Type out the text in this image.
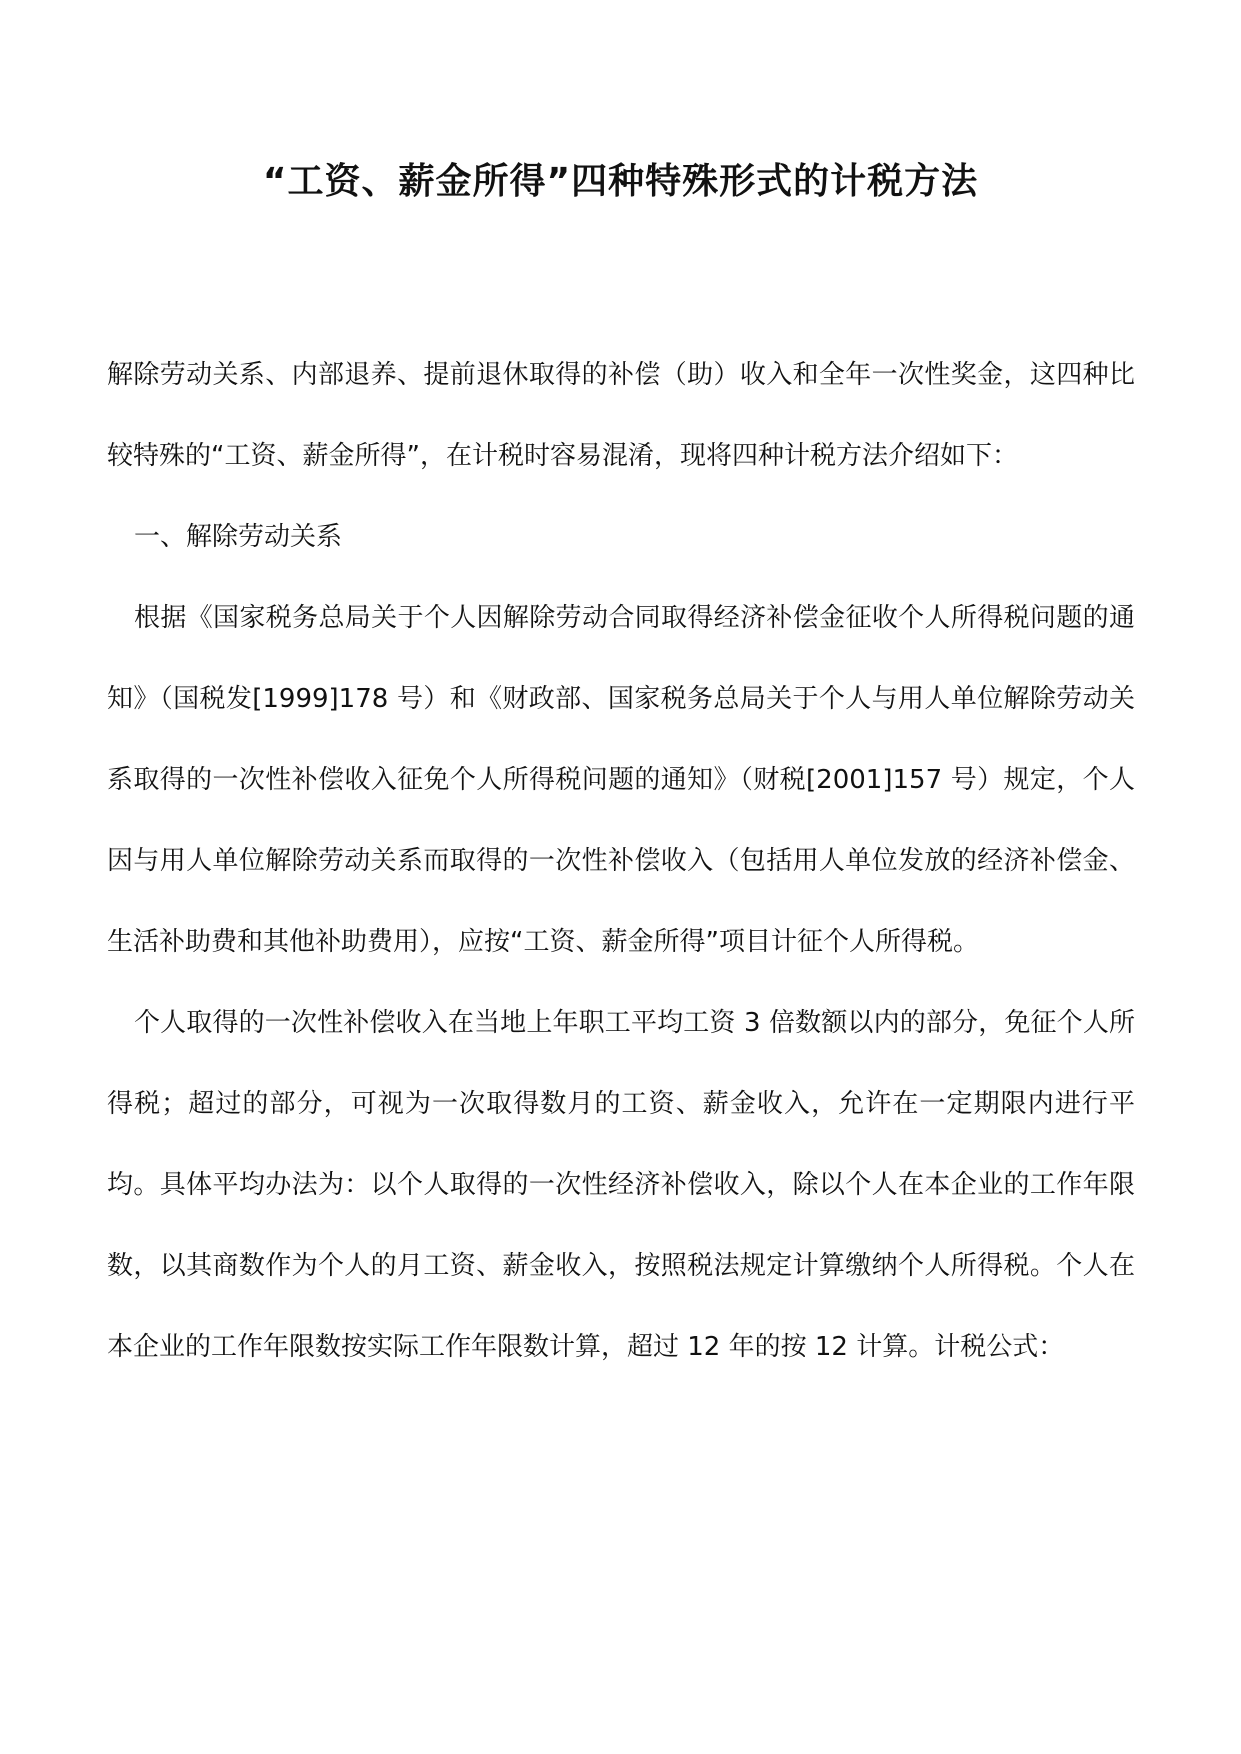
“工资、薪金所得”四种特殊形式的计税方法

解除劳动关系、内部退养、提前退休取得的补偿（助）收入和全年一次性奖金，这四种比较特殊的“工资、薪金所得”，在计税时容易混淆，现将四种计税方法介绍如下：

一、解除劳动关系

根据《国家税务总局关于个人因解除劳动合同取得经济补偿金征收个人所得税问题的通知》（国税发[1999]178 号）和《财政部、国家税务总局关于个人与用人单位解除劳动关系取得的一次性补偿收入征免个人所得税问题的通知》（财税[2001]157 号）规定，个人因与用人单位解除劳动关系而取得的一次性补偿收入（包括用人单位发放的经济补偿金、生活补助费和其他补助费用），应按“工资、薪金所得”项目计征个人所得税。

个人取得的一次性补偿收入在当地上年职工平均工资 3 倍数额以内的部分，免征个人所得税；超过的部分，可视为一次取得数月的工资、薪金收入，允许在一定期限内进行平均。具体平均办法为：以个人取得的一次性经济补偿收入，除以个人在本企业的工作年限数，以其商数作为个人的月工资、薪金收入，按照税法规定计算缴纳个人所得税。个人在本企业的工作年限数按实际工作年限数计算，超过 12 年的按 12 计算。计税公式：
